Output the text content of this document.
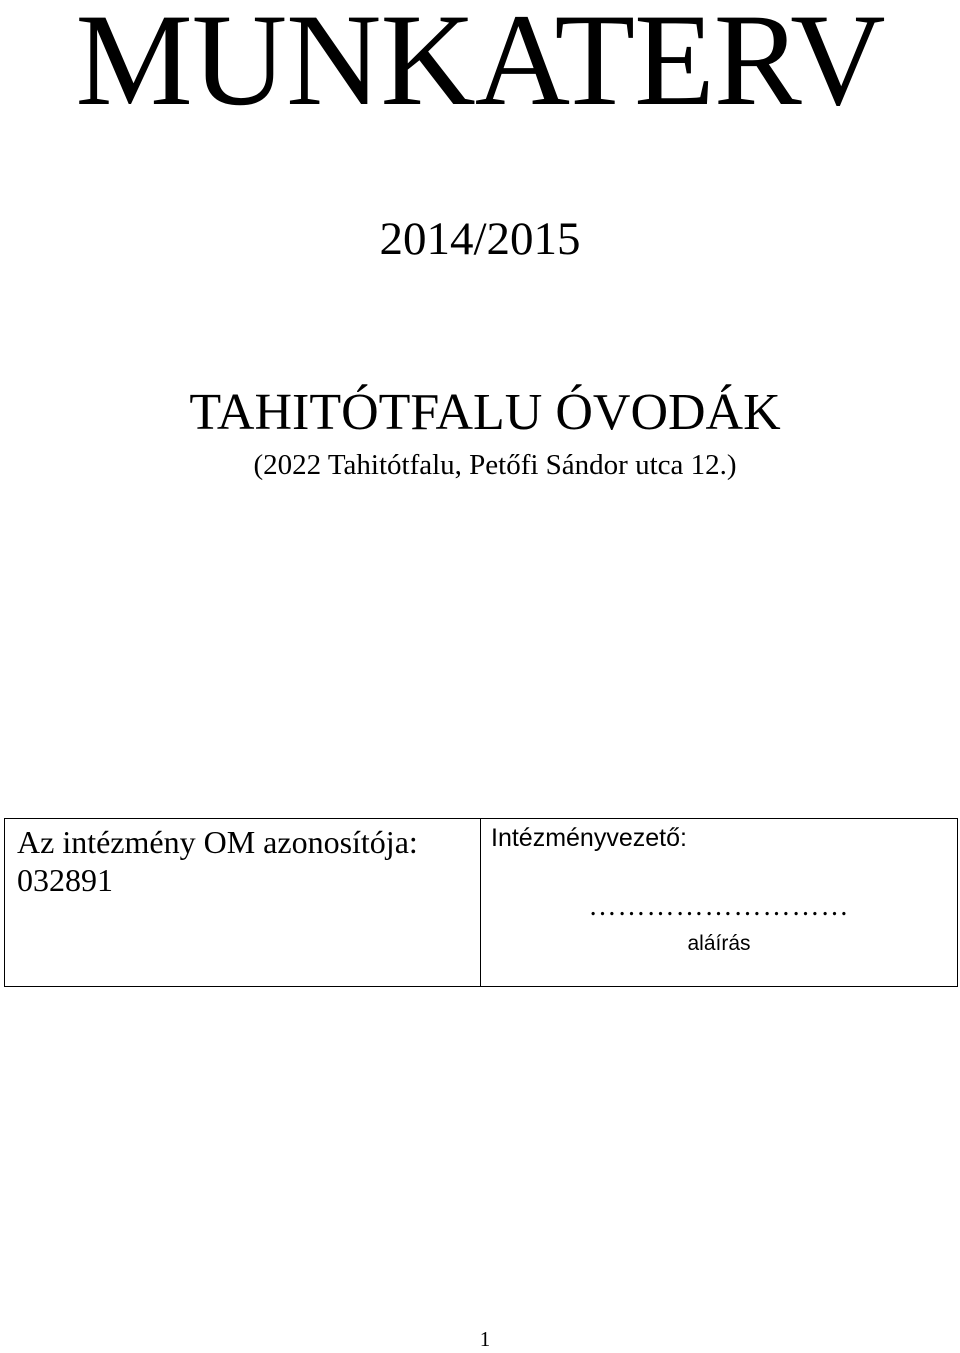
MUNKATERV
2014/2015
TAHITÓTFALU ÓVODÁK
(2022 Tahitótfalu, Petőfi Sándor utca 12.)
Az intézmény OM azonosítója:
032891
Intézményvezető:
………………………
aláírás
1
